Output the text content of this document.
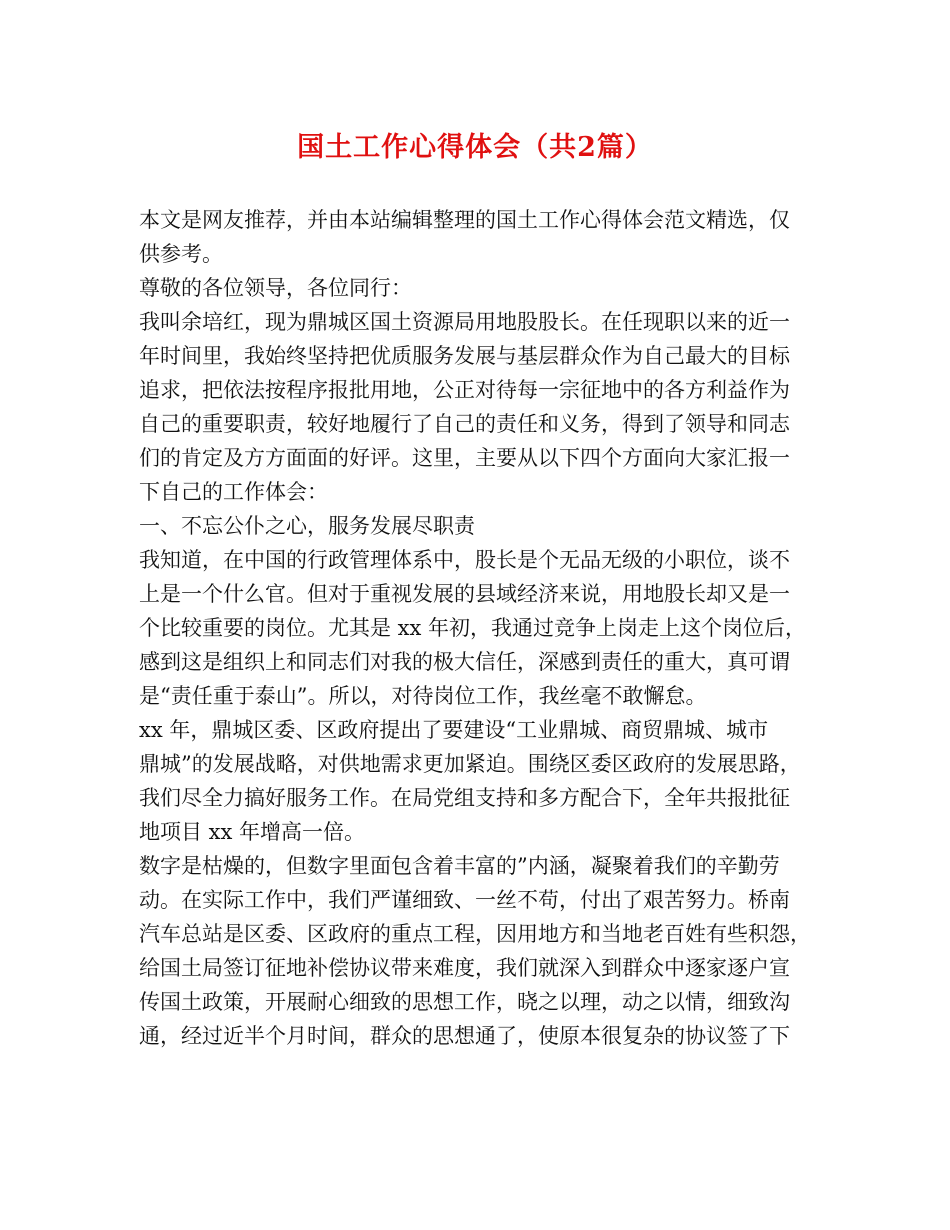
国土工作心得体会（共2篇）
本文是网友推荐，并由本站编辑整理的国土工作心得体会范文精选，仅
供参考。
尊敬的各位领导，各位同行：
我叫余培红，现为鼎城区国土资源局用地股股长。在任现职以来的近一
年时间里，我始终坚持把优质服务发展与基层群众作为自己最大的目标
追求，把依法按程序报批用地，公正对待每一宗征地中的各方利益作为
自己的重要职责，较好地履行了自己的责任和义务，得到了领导和同志
们的肯定及方方面面的好评。这里，主要从以下四个方面向大家汇报一
下自己的工作体会：
一、不忘公仆之心，服务发展尽职责
我知道，在中国的行政管理体系中，股长是个无品无级的小职位，谈不
上是一个什么官。但对于重视发展的县域经济来说，用地股长却又是一
个比较重要的岗位。尤其是 xx 年初，我通过竞争上岗走上这个岗位后，
感到这是组织上和同志们对我的极大信任，深感到责任的重大，真可谓
是“责任重于泰山”。所以，对待岗位工作，我丝毫不敢懈怠。
xx 年，鼎城区委、区政府提出了要建设“工业鼎城、商贸鼎城、城市
鼎城”的发展战略，对供地需求更加紧迫。围绕区委区政府的发展思路，
我们尽全力搞好服务工作。在局党组支持和多方配合下，全年共报批征
地项目 xx 年增高一倍。
数字是枯燥的，但数字里面包含着丰富的”内涵，凝聚着我们的辛勤劳
动。在实际工作中，我们严谨细致、一丝不苟，付出了艰苦努力。桥南
汽车总站是区委、区政府的重点工程，因用地方和当地老百姓有些积怨，
给国土局签订征地补偿协议带来难度，我们就深入到群众中逐家逐户宣
传国土政策，开展耐心细致的思想工作，晓之以理，动之以情，细致沟
通，经过近半个月时间，群众的思想通了，使原本很复杂的协议签了下
